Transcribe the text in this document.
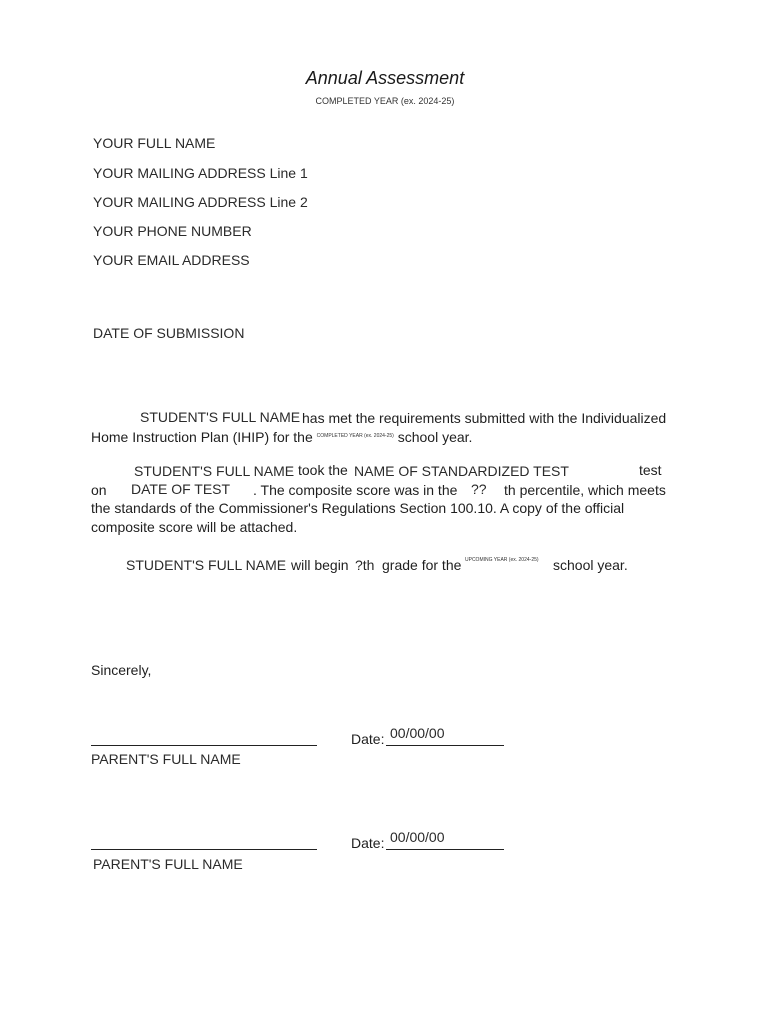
Annual Assessment
COMPLETED YEAR (ex. 2024-25)
YOUR FULL NAME
YOUR MAILING ADDRESS Line 1
YOUR MAILING ADDRESS Line 2
YOUR PHONE NUMBER
YOUR EMAIL ADDRESS
DATE OF SUBMISSION
STUDENT'S FULL NAME has met the requirements submitted with the Individualized
Home Instruction Plan (IHIP) for the $^{COMPLETED YEAR (ex. 2024-25)}$ school year.
STUDENT'S FULL NAME took the NAME OF STANDARDIZED TEST	test
on DATE OF TEST . The composite score was in the ?? th percentile, which meets
the standards of the Commissioner's Regulations Section 100.10. A copy of the official
composite score will be attached.
STUDENT'S FULL NAME will begin ?th grade for the UPCOMING YEAR (ex. 2024-25) school year.
Sincerely,
Date: 00/00/00
PARENT'S FULL NAME
Date: 00/00/00
PARENT'S FULL NAME
